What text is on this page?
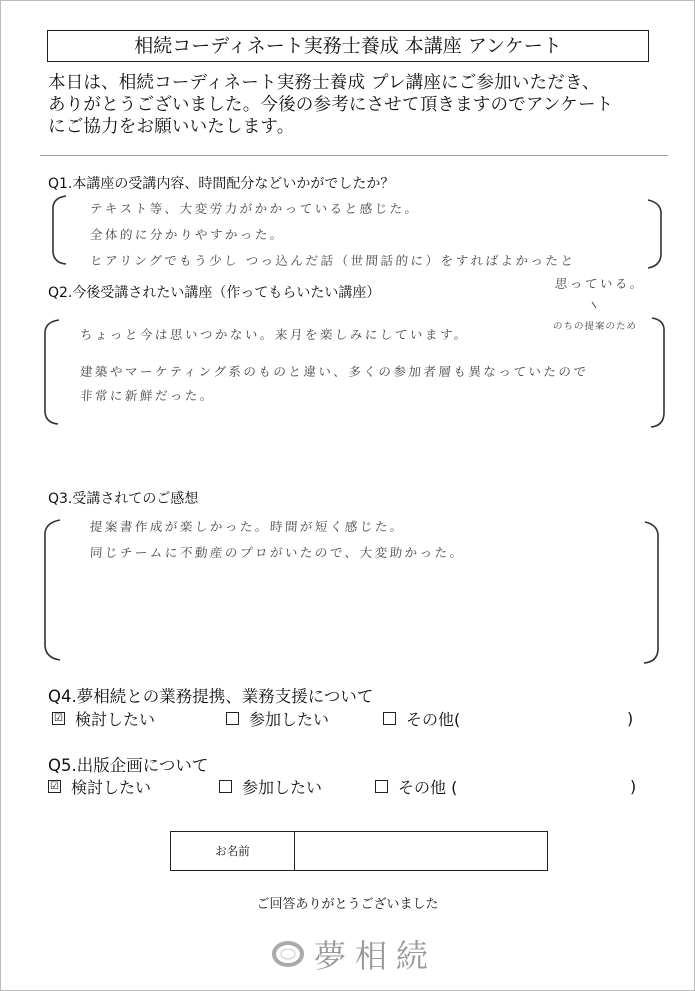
相続コーディネート実務士養成 本講座 アンケート
本日は、相続コーディネート実務士養成 プレ講座にご参加いただき、
ありがとうございました。今後の参考にさせて頂きますのでアンケート
にご協力をお願いいたします。
Q1.本講座の受講内容、時間配分などいかがでしたか？
テキスト等、大変労力がかかっていると感じた。
全体的に分かりやすかった。
ヒアリングでもう少し つっ込んだ話（世間話的に）をすればよかったと
思っている。
のちの提案のため
Q2.今後受講されたい講座（作ってもらいたい講座）
ちょっと今は思いつかない。来月を楽しみにしています。
建築やマーケティング系のものと違い、多くの参加者層も異なっていたので
非常に新鮮だった。
Q3.受講されてのご感想
提案書作成が楽しかった。時間が短く感じた。
同じチームに不動産のプロがいたので、大変助かった。
Q4.夢相続との業務提携、業務支援について
☑ 検討したい	参加したい	その他(	)
Q5.出版企画について
☑ 検討したい	参加したい	その他 (	)
お名前
ご回答ありがとうございました
夢相続
